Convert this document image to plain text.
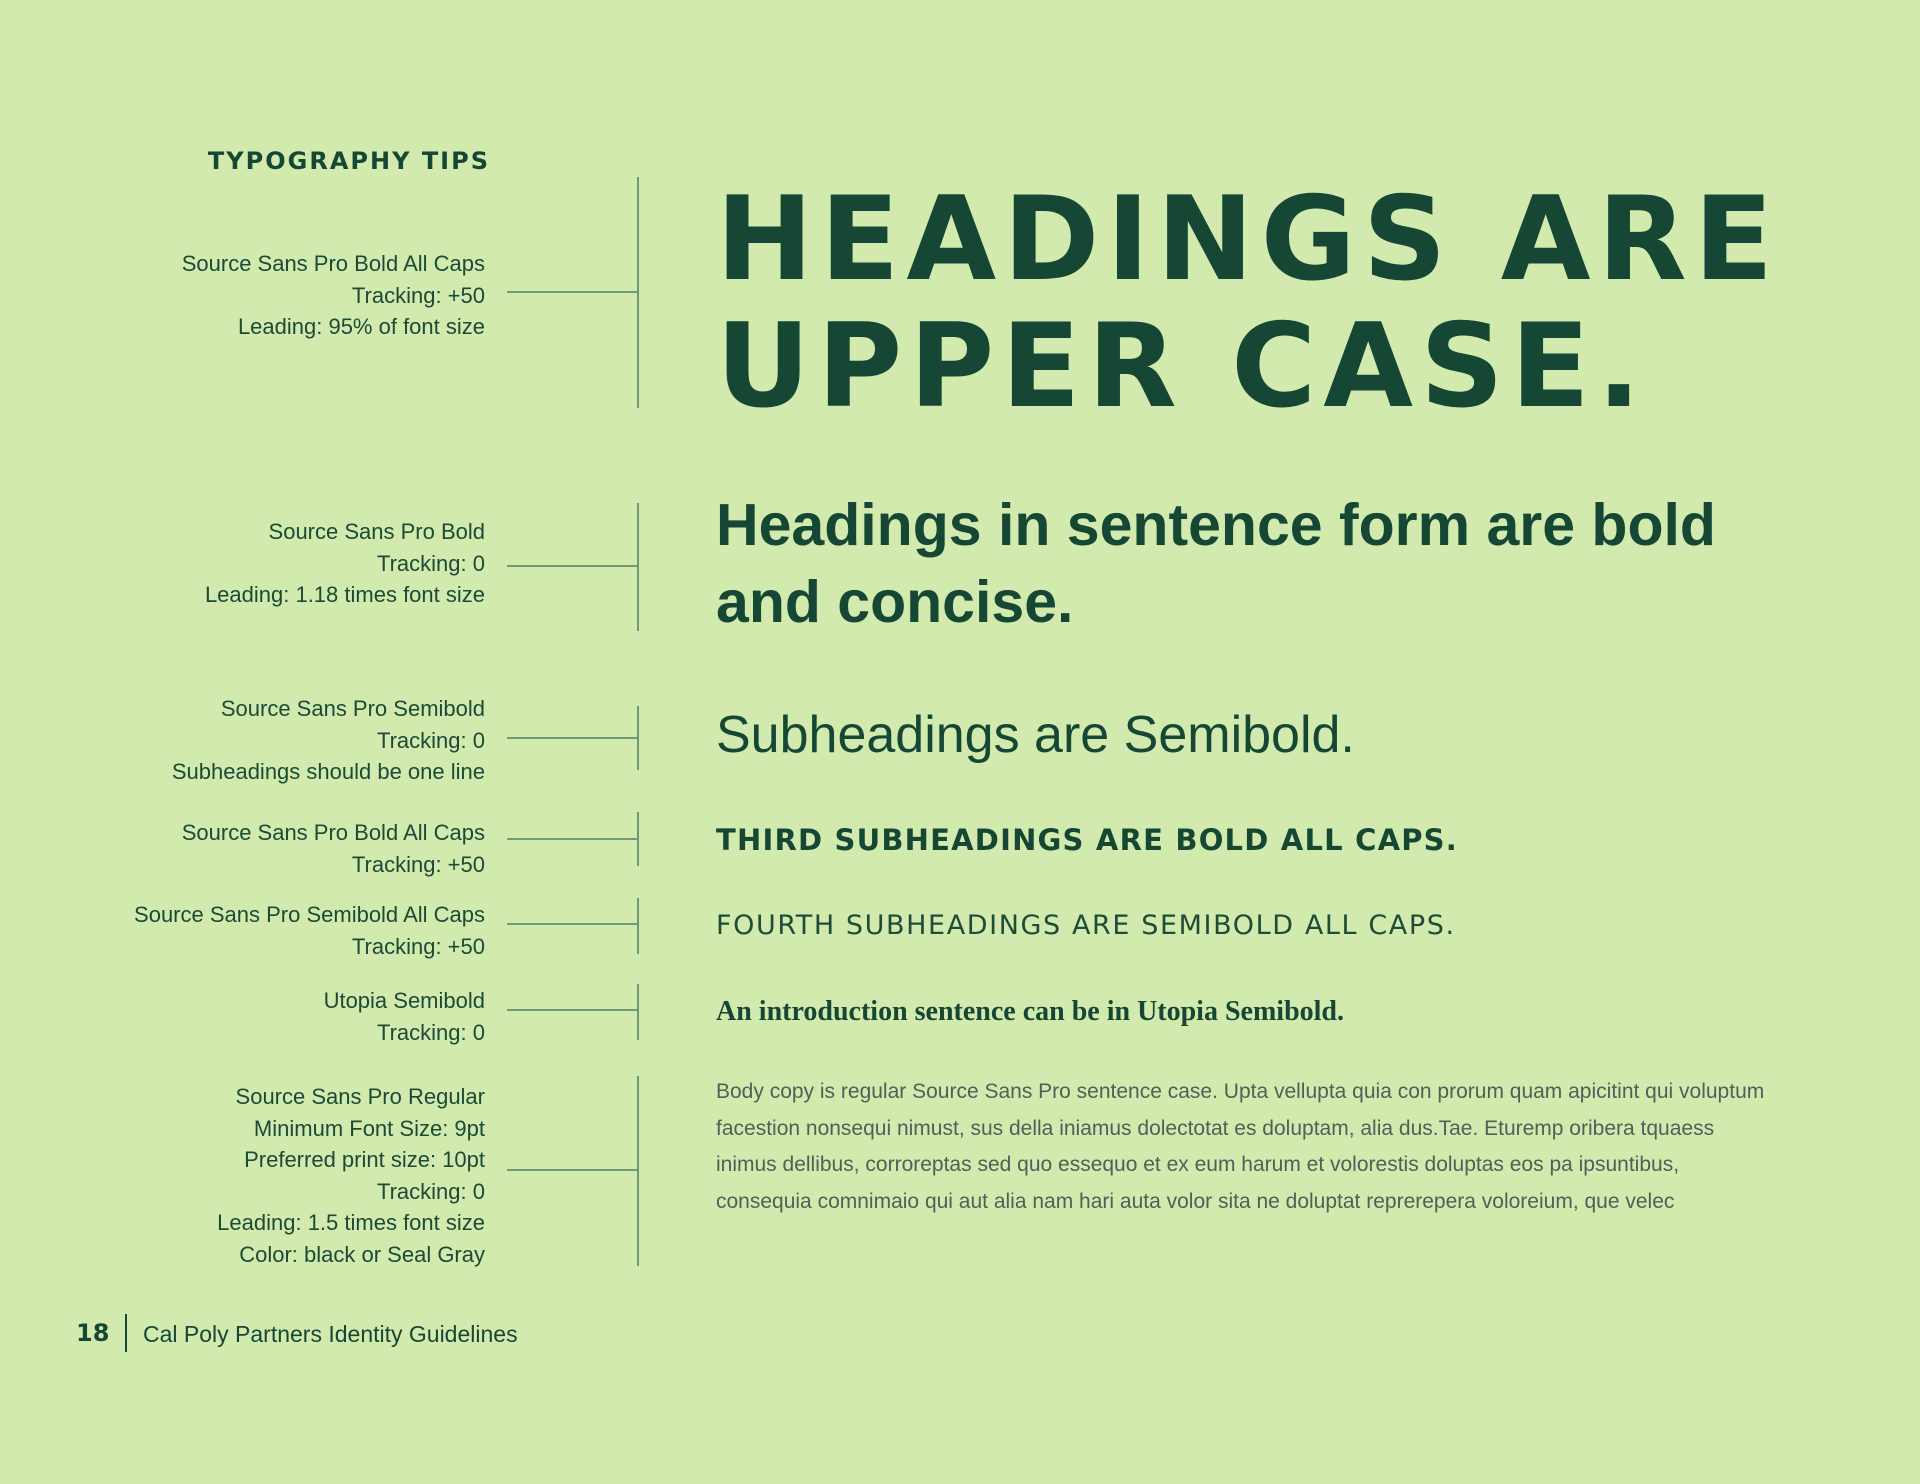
TYPOGRAPHY TIPS
Source Sans Pro Bold All Caps
Tracking: +50
Leading: 95% of font size
Source Sans Pro Bold
Tracking: 0
Leading: 1.18 times font size
Source Sans Pro Semibold
Tracking: 0
Subheadings should be one line
Source Sans Pro Bold All Caps
Tracking: +50
Source Sans Pro Semibold All Caps
Tracking: +50
Utopia Semibold
Tracking: 0
Source Sans Pro Regular
Minimum Font Size: 9pt
Preferred print size: 10pt
Tracking: 0
Leading: 1.5 times font size
Color: black or Seal Gray
HEADINGS ARE
UPPER CASE.
Headings in sentence form are bold
and concise.
Subheadings are Semibold.
THIRD SUBHEADINGS ARE BOLD ALL CAPS.
FOURTH SUBHEADINGS ARE SEMIBOLD ALL CAPS.
An introduction sentence can be in Utopia Semibold.
Body copy is regular Source Sans Pro sentence case. Upta vellupta quia con prorum quam apicitint qui voluptum facestion nonsequi nimust, sus della iniamus dolectotat es doluptam, alia dus.Tae. Eturemp oribera tquaess inimus dellibus, corroreptas sed quo essequo et ex eum harum et volorestis doluptas eos pa ipsuntibus, consequia comnimaio qui aut alia nam hari auta volor sita ne doluptat reprerepera voloreium, que velec
18 Cal Poly Partners Identity Guidelines
